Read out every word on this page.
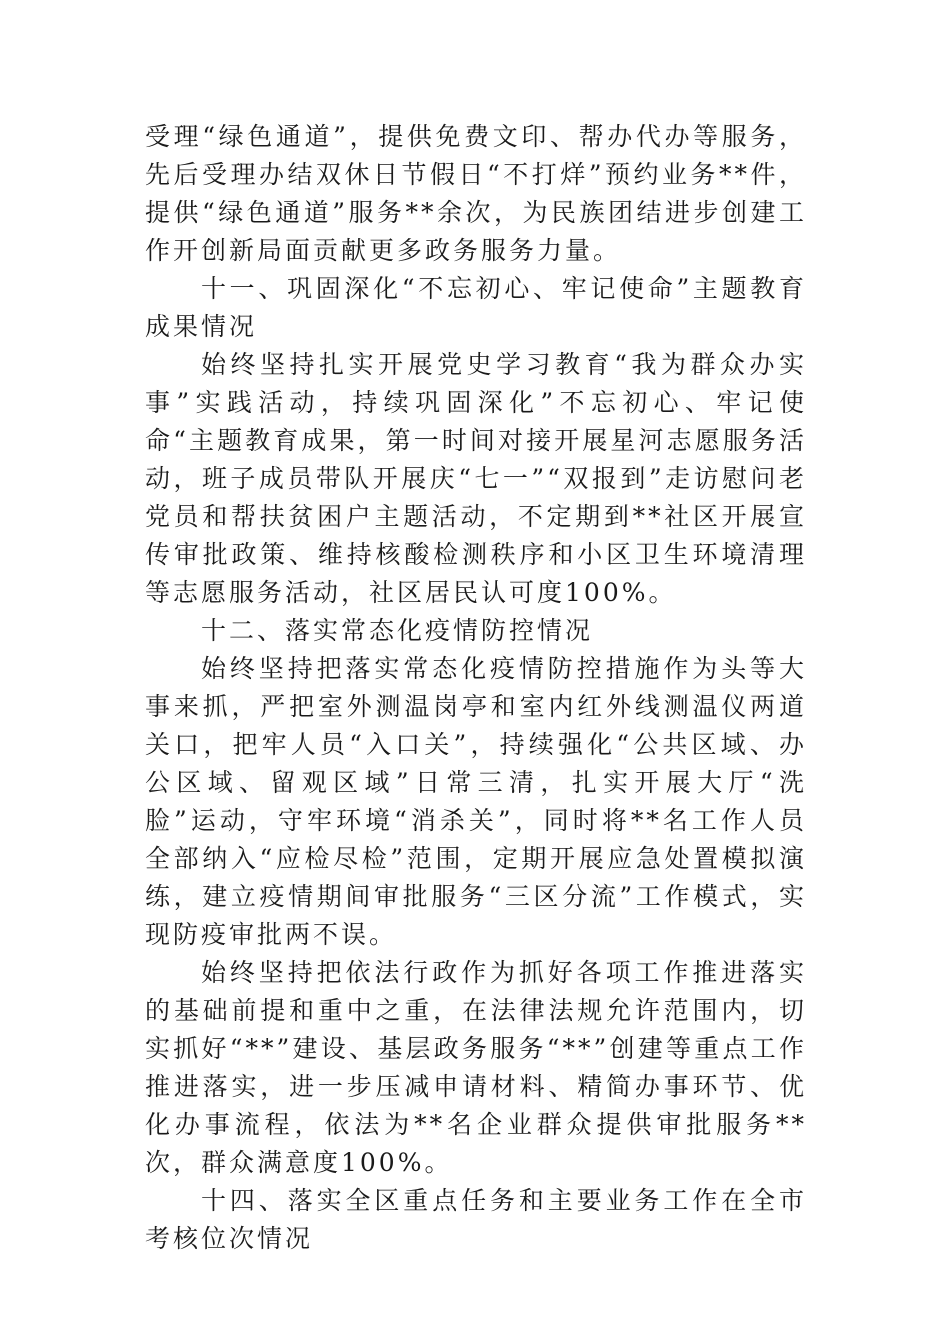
受理“绿色通道”，提供免费文印、帮办代办等服务，先后受理办结双休日节假日“不打烊”预约业务**件，提供“绿色通道”服务**余次，为民族团结进步创建工作开创新局面贡献更多政务服务力量。

十一、巩固深化“不忘初心、牢记使命”主题教育成果情况

始终坚持扎实开展党史学习教育“我为群众办实事”实践活动，持续巩固深化”不忘初心、牢记使命“主题教育成果，第一时间对接开展星河志愿服务活动，班子成员带队开展庆“七一”“双报到”走访慰问老党员和帮扶贫困户主题活动，不定期到**社区开展宣传审批政策、维持核酸检测秩序和小区卫生环境清理等志愿服务活动，社区居民认可度100%。

十二、落实常态化疫情防控情况

始终坚持把落实常态化疫情防控措施作为头等大事来抓，严把室外测温岗亭和室内红外线测温仪两道关口，把牢人员“入口关”，持续强化“公共区域、办公区域、留观区域”日常三清，扎实开展大厅“洗脸”运动，守牢环境“消杀关”，同时将**名工作人员全部纳入“应检尽检”范围，定期开展应急处置模拟演练，建立疫情期间审批服务“三区分流”工作模式，实现防疫审批两不误。

始终坚持把依法行政作为抓好各项工作推进落实的基础前提和重中之重，在法律法规允许范围内，切实抓好“**”建设、基层政务服务“**”创建等重点工作推进落实，进一步压减申请材料、精简办事环节、优化办事流程，依法为**名企业群众提供审批服务**次，群众满意度100%。

十四、落实全区重点任务和主要业务工作在全市考核位次情况
